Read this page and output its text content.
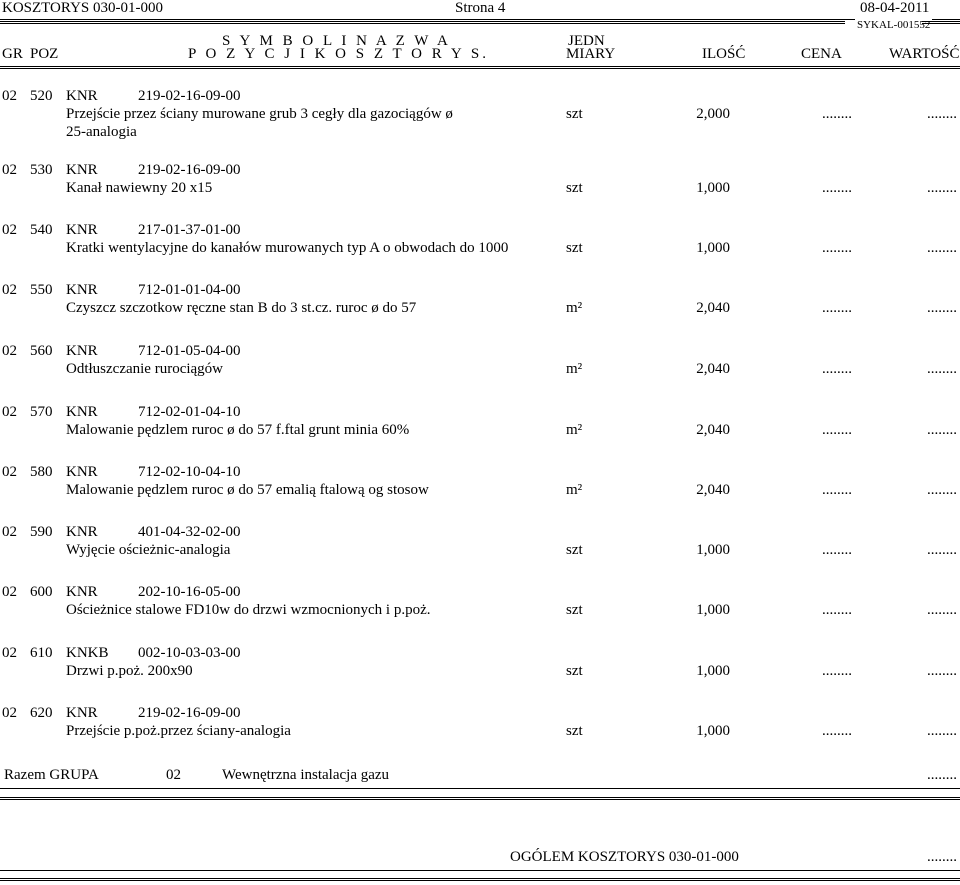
KOSZTORYS 030-01-000	Strona 4	08-04-2011
SYKAL-001552
GR POZ
S Y M B O L I N A Z W A
P O Z Y C J I K O S Z T O R Y S.
JEDN
MIARY	ILOŚĆ	CENA	WARTOŚĆ
02 520 KNR	219-02-16-09-00
Przejście przez ściany murowane grub 3 cegły dla gazociągów ø
25-analogia
szt	2,000	........	........
02 530 KNR	219-02-16-09-00
Kanał nawiewny 20 x15	szt	1,000	........	........
02 540 KNR	217-01-37-01-00
Kratki wentylacyjne do kanałów murowanych typ A o obwodach do 1000	szt	1,000	........	........
02 550 KNR	712-01-01-04-00
Czyszcz szczotkow ręczne stan B do 3 st.cz. ruroc ø do 57	m²	2,040	........	........
02 560 KNR	712-01-05-04-00
Odtłuszczanie rurociągów	m²	2,040	........	........
02 570 KNR	712-02-01-04-10
Malowanie pędzlem ruroc ø do 57 f.ftal grunt minia 60%	m²	2,040	........	........
02 580 KNR	712-02-10-04-10
Malowanie pędzlem ruroc ø do 57 emalią ftalową og stosow	m²	2,040	........	........
02 590 KNR	401-04-32-02-00
Wyjęcie ościeżnic-analogia	szt	1,000	........	........
02 600 KNR	202-10-16-05-00
Ościeżnice stalowe FD10w do drzwi wzmocnionych i p.poż.	szt	1,000	........	........
02 610 KNKB 002-10-03-03-00
Drzwi p.poż. 200x90	szt	1,000	........	........
02 620 KNR	219-02-16-09-00
Przejście p.poż.przez ściany-analogia	szt	1,000	........	........
Razem GRUPA	02	Wewnętrzna instalacja gazu	........
OGÓLEM KOSZTORYS 030-01-000	........
